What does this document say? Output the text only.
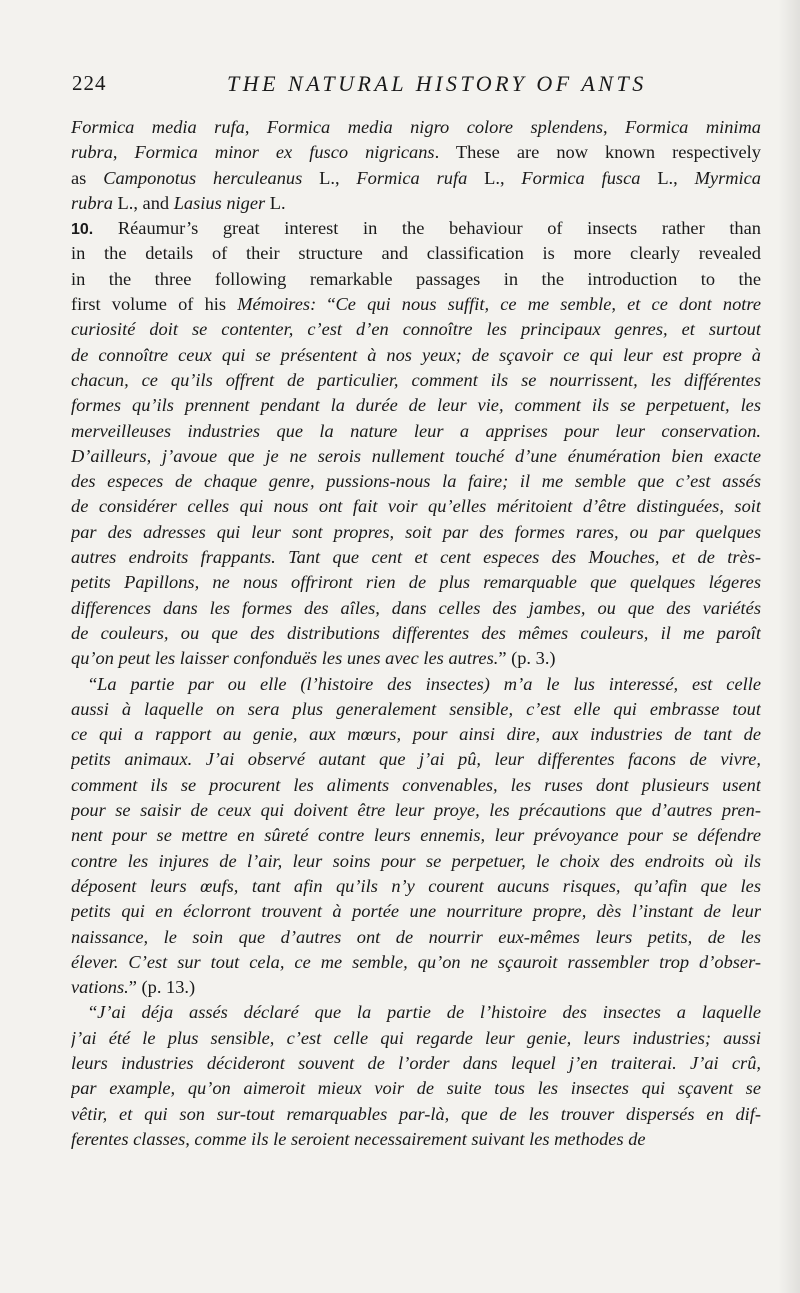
224	THE NATURAL HISTORY OF ANTS
Formica media rufa, Formica media nigro colore splendens, Formica minima
rubra, Formica minor ex fusco nigricans. These are now known respectively
as Camponotus herculeanus L., Formica rufa L., Formica fusca L., Myrmica
rubra L., and Lasius niger L.
10. Réaumur’s great interest in the behaviour of insects rather than
in the details of their structure and classification is more clearly revealed
in the three following remarkable passages in the introduction to the
first volume of his Mémoires: “Ce qui nous suffit, ce me semble, et ce dont notre
curiosité doit se contenter, c’est d’en connoître les principaux genres, et surtout
de connoître ceux qui se présentent à nos yeux; de sçavoir ce qui leur est propre à
chacun, ce qu’ils offrent de particulier, comment ils se nourrissent, les différentes
formes qu’ils prennent pendant la durée de leur vie, comment ils se perpetuent, les
merveilleuses industries que la nature leur a apprises pour leur conservation.
D’ailleurs, j’avoue que je ne serois nullement touché d’une énumération bien exacte
des especes de chaque genre, pussions-nous la faire; il me semble que c’est assés
de considérer celles qui nous ont fait voir qu’elles méritoient d’être distinguées, soit
par des adresses qui leur sont propres, soit par des formes rares, ou par quelques
autres endroits frappants. Tant que cent et cent especes des Mouches, et de très-
petits Papillons, ne nous offriront rien de plus remarquable que quelques légeres
differences dans les formes des aîles, dans celles des jambes, ou que des variétés
de couleurs, ou que des distributions differentes des mêmes couleurs, il me paroît
qu’on peut les laisser confonduës les unes avec les autres.” (p. 3.)
“La partie par ou elle (l’histoire des insectes) m’a le lus interessé, est celle
aussi à laquelle on sera plus generalement sensible, c’est elle qui embrasse tout
ce qui a rapport au genie, aux mœurs, pour ainsi dire, aux industries de tant de
petits animaux. J’ai observé autant que j’ai pû, leur differentes facons de vivre,
comment ils se procurent les aliments convenables, les ruses dont plusieurs usent
pour se saisir de ceux qui doivent être leur proye, les précautions que d’autres pren-
nent pour se mettre en sûreté contre leurs ennemis, leur prévoyance pour se défendre
contre les injures de l’air, leur soins pour se perpetuer, le choix des endroits où ils
déposent leurs œufs, tant afin qu’ils n’y courent aucuns risques, qu’afin que les
petits qui en éclorront trouvent à portée une nourriture propre, dès l’instant de leur
naissance, le soin que d’autres ont de nourrir eux-mêmes leurs petits, de les
élever. C’est sur tout cela, ce me semble, qu’on ne sçauroit rassembler trop d’obser-
vations.” (p. 13.)
“J’ai déja assés déclaré que la partie de l’histoire des insectes a laquelle
j’ai été le plus sensible, c’est celle qui regarde leur genie, leurs industries; aussi
leurs industries décideront souvent de l’order dans lequel j’en traiterai. J’ai crû,
par example, qu’on aimeroit mieux voir de suite tous les insectes qui sçavent se
vêtir, et qui son sur-tout remarquables par-là, que de les trouver dispersés en dif-
ferentes classes, comme ils le seroient necessairement suivant les methodes de
